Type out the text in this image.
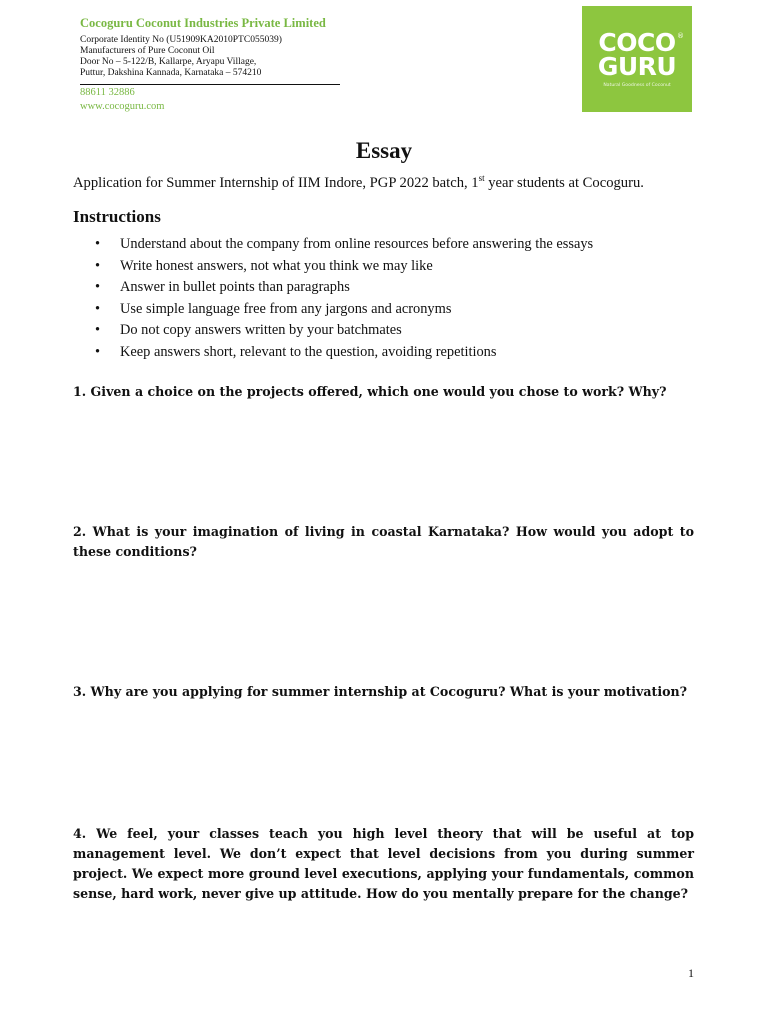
Cocoguru Coconut Industries Private Limited
Corporate Identity No (U51909KA2010PTC055039)
Manufacturers of Pure Coconut Oil
Door No – 5-122/B, Kallarpe, Aryapu Village,
Puttur, Dakshina Kannada, Karnataka – 574210
88611 32886
www.cocoguru.com
COCO
GURU
®
Natural Goodness of Coconut
Essay
Application for Summer Internship of IIM Indore, PGP 2022 batch, 1st year students at Cocoguru.
Instructions
• Understand about the company from online resources before answering the essays
• Write honest answers, not what you think we may like
• Answer in bullet points than paragraphs
• Use simple language free from any jargons and acronyms
• Do not copy answers written by your batchmates
• Keep answers short, relevant to the question, avoiding repetitions
1. Given a choice on the projects offered, which one would you chose to work? Why?
2. What is your imagination of living in coastal Karnataka? How would you adopt to these conditions?
3. Why are you applying for summer internship at Cocoguru? What is your motivation?
4. We feel, your classes teach you high level theory that will be useful at top management level. We don’t expect that level decisions from you during summer project. We expect more ground level executions, applying your fundamentals, common sense, hard work, never give up attitude. How do you mentally prepare for the change?
1
